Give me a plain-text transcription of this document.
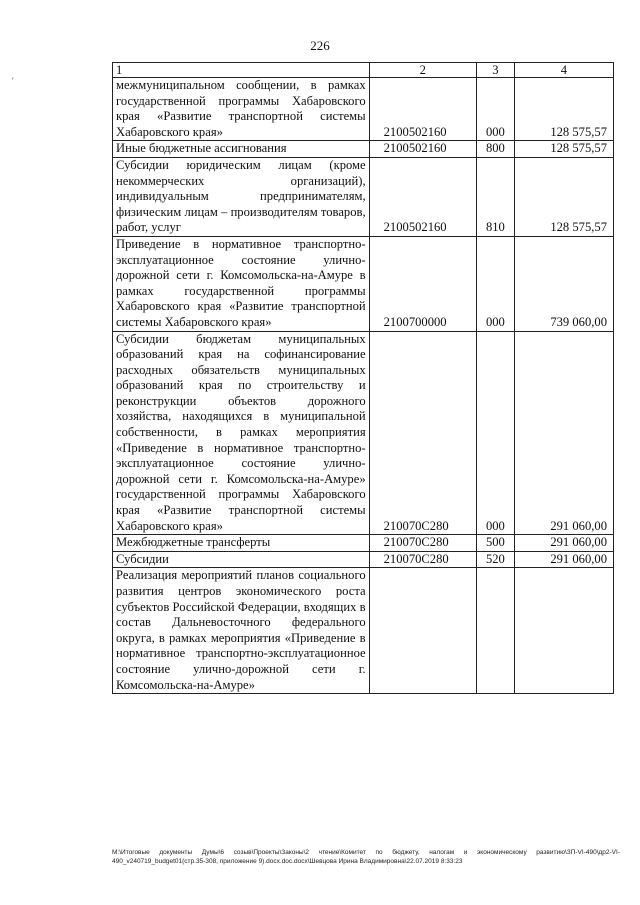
226
'
1	2	3	4

межмуниципальном сообщении, в рамках государственной программы Хабаровского края «Развитие транспортной системы Хабаровского края»	2100502160	000	128 575,57

Иные бюджетные ассигнования	2100502160	800	128 575,57

Субсидии юридическим лицам (кроме некоммерческих организаций), индивидуальным предпринимателям, физическим лицам – производителям товаров, работ, услуг	2100502160	810	128 575,57

Приведение в нормативное транспортно-эксплуатационное состояние улично-дорожной сети г. Комсомольска-на-Амуре в рамках государственной программы Хабаровского края «Развитие транспортной системы Хабаровского края»	2100700000	000	739 060,00

Субсидии бюджетам муниципальных образований края на софинансирование расходных обязательств муниципальных образований края по строительству и реконструкции объектов дорожного хозяйства, находящихся в муниципальной собственности, в рамках мероприятия «Приведение в нормативное транспортно-эксплуатационное состояние улично-дорожной сети г. Комсомольска-на-Амуре» государственной программы Хабаровского края «Развитие транспортной системы Хабаровского края»	210070С280	000	291 060,00

Межбюджетные трансферты	210070С280	500	291 060,00

Субсидии	210070С280	520	291 060,00

Реализация мероприятий планов социального развития центров экономического роста субъектов Российской Федерации, входящих в состав Дальневосточного федерального округа, в рамках мероприятия «Приведение в нормативное транспортно-эксплуатационное состояние улично-дорожной сети г. Комсомольска-на-Амуре»			

M:\Итоговые документы Думы\6 созыв\Проекты\Законы\2 чтение\Комитет по бюджету, налогам и экономическому развитию\ЗП-VI-490\др2-VI-490_v240719_budget01(стр.35-308, приложение 9).docx.doc.docx\Шевцова Ирина Владимировна\22.07.2019 8:33:23
